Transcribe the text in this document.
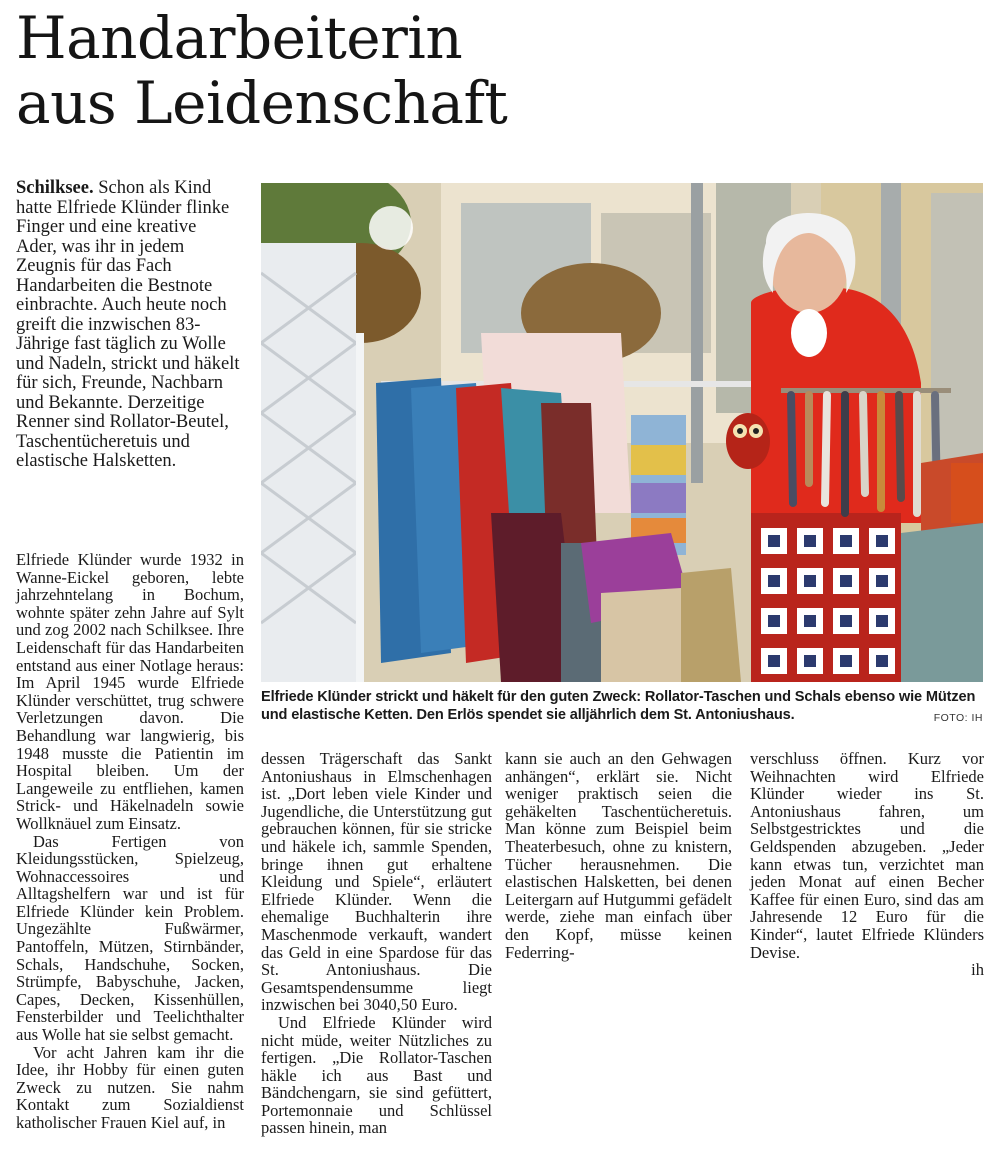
Handarbeiterin
aus Leidenschaft

Schilksee. Schon als Kind hatte Elfriede Klünder flinke Finger und eine kreative Ader, was ihr in jedem Zeugnis für das Fach Handarbeiten die Bestnote einbrachte. Auch heute noch greift die inzwischen 83-Jährige fast täglich zu Wolle und Nadeln, strickt und häkelt für sich, Freunde, Nachbarn und Bekannte. Derzeitige Renner sind Rollator-Beutel, Taschentücheretuis und elastische Halsketten.

Elfriede Klünder strickt und häkelt für den guten Zweck: Rollator-Taschen und Schals ebenso wie Mützen und elastische Ketten. Den Erlös spendet sie alljährlich dem St. Antoniushaus.	FOTO: IH

Elfriede Klünder wurde 1932 in Wanne-Eickel geboren, lebte jahrzehntelang in Bochum, wohnte später zehn Jahre auf Sylt und zog 2002 nach Schilksee. Ihre Leidenschaft für das Handarbeiten entstand aus einer Notlage heraus: Im April 1945 wurde Elfriede Klünder verschüttet, trug schwere Verletzungen davon. Die Behandlung war langwierig, bis 1948 musste die Patientin im Hospital bleiben. Um der Langeweile zu entfliehen, kamen Strick- und Häkelnadeln sowie Wollknäuel zum Einsatz.

Das Fertigen von Kleidungsstücken, Spielzeug, Wohnaccessoires und Alltagshelfern war und ist für Elfriede Klünder kein Problem. Ungezählte Fußwärmer, Pantoffeln, Mützen, Stirnbänder, Schals, Handschuhe, Socken, Strümpfe, Babyschuhe, Jacken, Capes, Decken, Kissenhüllen, Fensterbilder und Teelichthalter aus Wolle hat sie selbst gemacht.

Vor acht Jahren kam ihr die Idee, ihr Hobby für einen guten Zweck zu nutzen. Sie nahm Kontakt zum Sozialdienst katholischer Frauen Kiel auf, in

dessen Trägerschaft das Sankt Antoniushaus in Elmschenhagen ist. „Dort leben viele Kinder und Jugendliche, die Unterstützung gut gebrauchen können, für sie stricke und häkele ich, sammle Spenden, bringe ihnen gut erhaltene Kleidung und Spiele“, erläutert Elfriede Klünder. Wenn die ehemalige Buchhalterin ihre Maschenmode verkauft, wandert das Geld in eine Spardose für das St. Antoniushaus. Die Gesamtspendensumme liegt inzwischen bei 3040,50 Euro.

Und Elfriede Klünder wird nicht müde, weiter Nützliches zu fertigen. „Die Rollator-Taschen häkle ich aus Bast und Bändchengarn, sie sind gefüttert, Portemonnaie und Schlüssel passen hinein, man

kann sie auch an den Gehwagen anhängen“, erklärt sie. Nicht weniger praktisch seien die gehäkelten Taschentücheretuis. Man könne zum Beispiel beim Theaterbesuch, ohne zu knistern, Tücher herausnehmen. Die elastischen Halsketten, bei denen Leitergarn auf Hutgummi gefädelt werde, ziehe man einfach über den Kopf, müsse keinen Federring-

verschluss öffnen. Kurz vor Weihnachten wird Elfriede Klünder wieder ins St. Antoniushaus fahren, um Selbstgestricktes und die Geldspenden abzugeben. „Jeder kann etwas tun, verzichtet man jeden Monat auf einen Becher Kaffee für einen Euro, sind das am Jahresende 12 Euro für die Kinder“, lautet Elfriede Klünders Devise.

ih
